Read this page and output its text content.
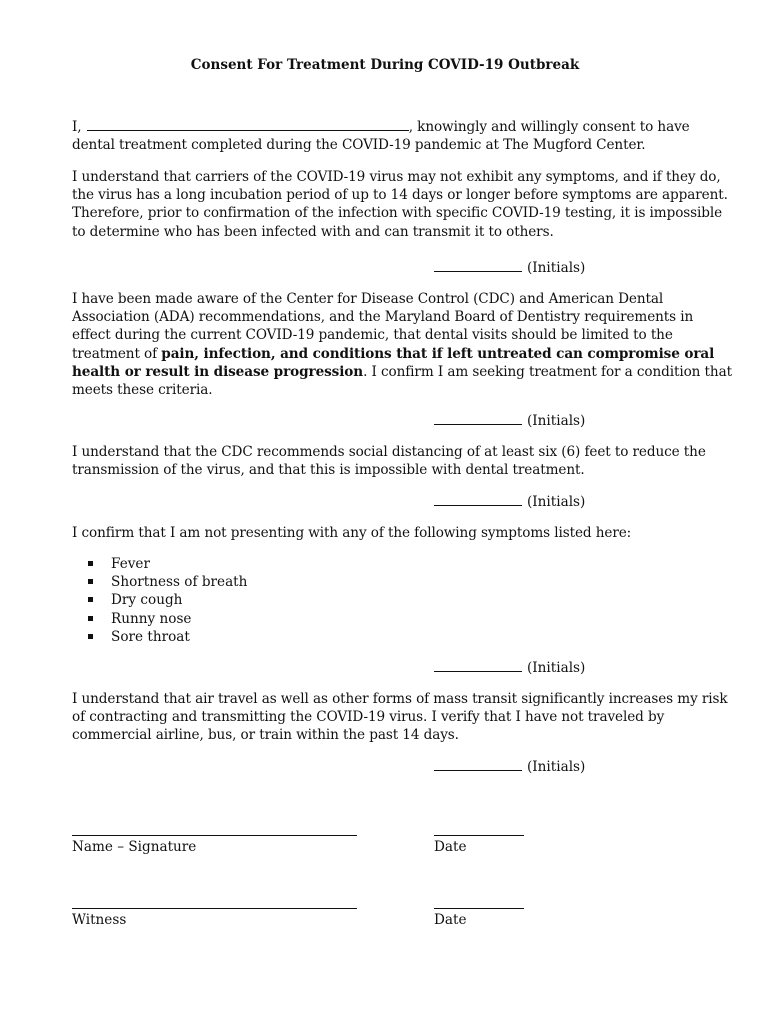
Consent For Treatment During COVID-19 Outbreak
I,	, knowingly and willingly consent to have
dental treatment completed during the COVID-19 pandemic at The Mugford Center.
I understand that carriers of the COVID-19 virus may not exhibit any symptoms, and if they do,
the virus has a long incubation period of up to 14 days or longer before symptoms are apparent.
Therefore, prior to confirmation of the infection with specific COVID-19 testing, it is impossible
to determine who has been infected with and can transmit it to others.
(Initials)
I have been made aware of the Center for Disease Control (CDC) and American Dental
Association (ADA) recommendations, and the Maryland Board of Dentistry requirements in
effect during the current COVID-19 pandemic, that dental visits should be limited to the
treatment of pain, infection, and conditions that if left untreated can compromise oral
health or result in disease progression. I confirm I am seeking treatment for a condition that
meets these criteria.
(Initials)
I understand that the CDC recommends social distancing of at least six (6) feet to reduce the
transmission of the virus, and that this is impossible with dental treatment.
(Initials)
I confirm that I am not presenting with any of the following symptoms listed here:
Fever
Shortness of breath
Dry cough
Runny nose
Sore throat
(Initials)
I understand that air travel as well as other forms of mass transit significantly increases my risk
of contracting and transmitting the COVID-19 virus. I verify that I have not traveled by
commercial airline, bus, or train within the past 14 days.
(Initials)
Name – Signature	Date
Witness	Date
